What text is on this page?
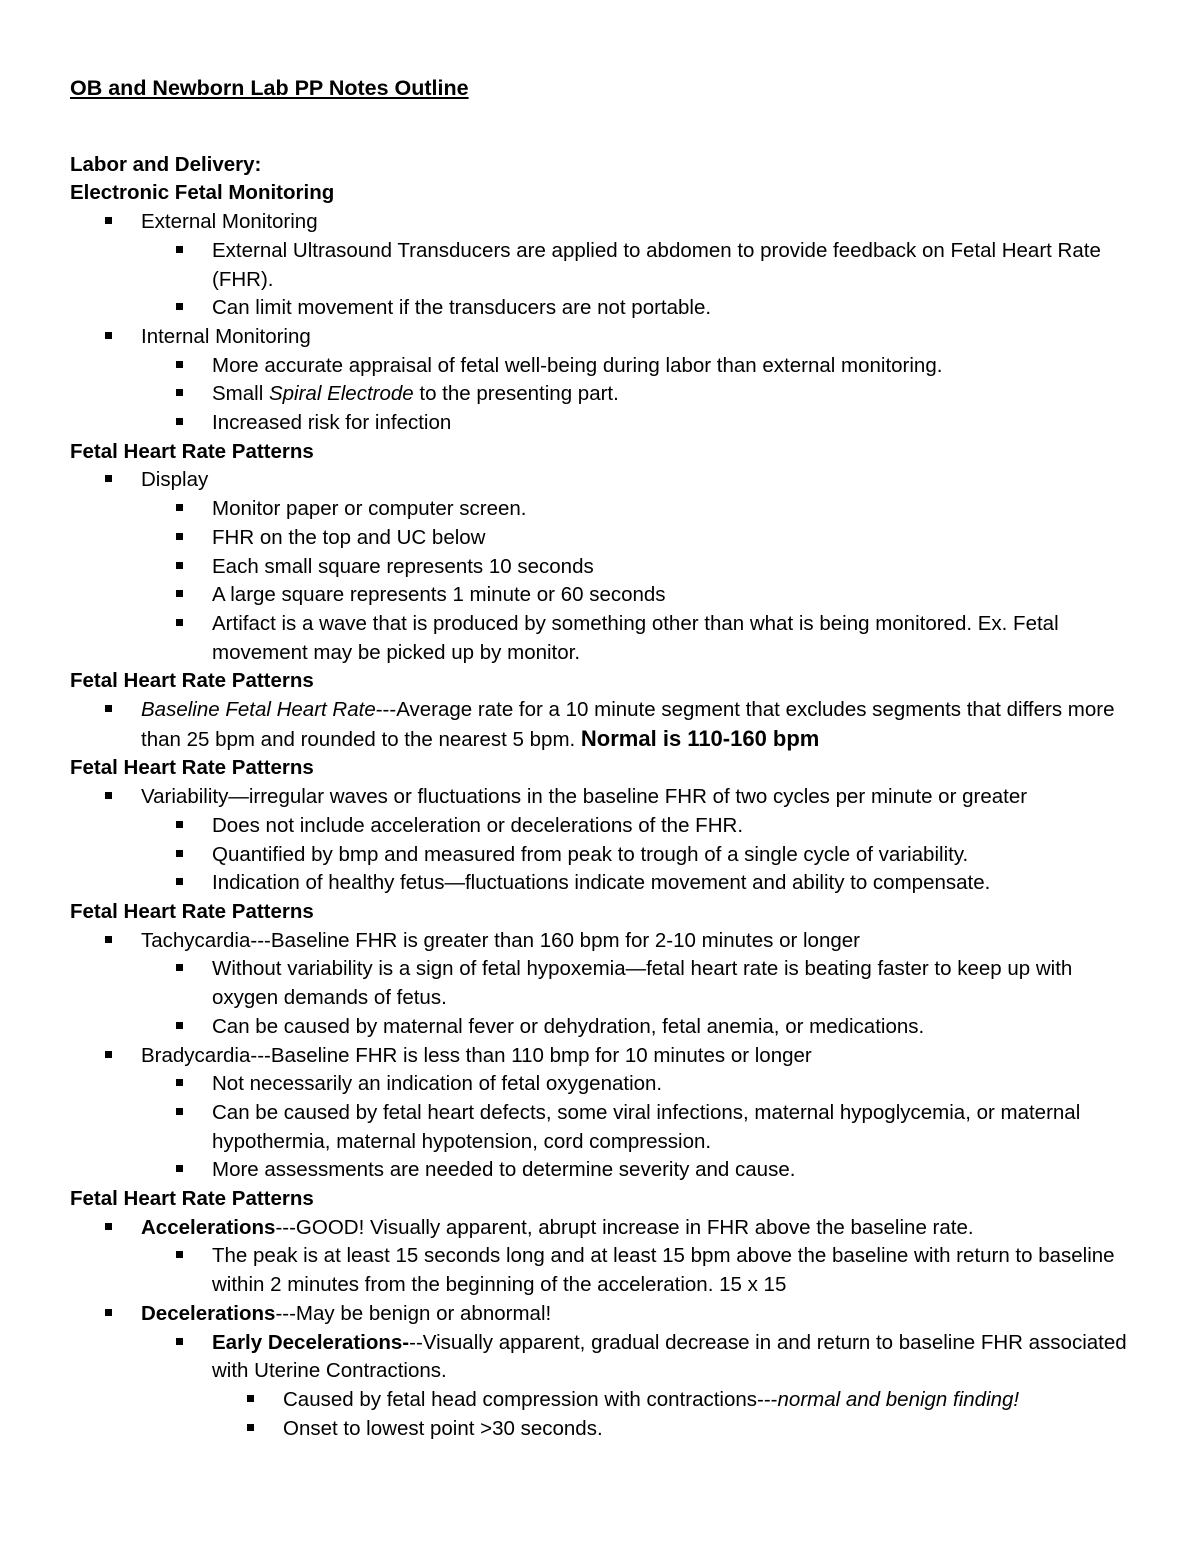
OB and Newborn Lab PP Notes Outline
Labor and Delivery:
Electronic Fetal Monitoring
External Monitoring
External Ultrasound Transducers are applied to abdomen to provide feedback on Fetal Heart Rate (FHR).
Can limit movement if the transducers are not portable.
Internal Monitoring
More accurate appraisal of fetal well-being during labor than external monitoring.
Small Spiral Electrode to the presenting part.
Increased risk for infection
Fetal Heart Rate Patterns
Display
Monitor paper or computer screen.
FHR on the top and UC below
Each small square represents 10 seconds
A large square represents 1 minute or 60 seconds
Artifact is a wave that is produced by something other than what is being monitored. Ex. Fetal movement may be picked up by monitor.
Fetal Heart Rate Patterns
Baseline Fetal Heart Rate---Average rate for a 10 minute segment that excludes segments that differs more than 25 bpm and rounded to the nearest 5 bpm. Normal is 110-160 bpm
Fetal Heart Rate Patterns
Variability—irregular waves or fluctuations in the baseline FHR of two cycles per minute or greater
Does not include acceleration or decelerations of the FHR.
Quantified by bmp and measured from peak to trough of a single cycle of variability.
Indication of healthy fetus—fluctuations indicate movement and ability to compensate.
Fetal Heart Rate Patterns
Tachycardia---Baseline FHR is greater than 160 bpm for 2-10 minutes or longer
Without variability is a sign of fetal hypoxemia—fetal heart rate is beating faster to keep up with oxygen demands of fetus.
Can be caused by maternal fever or dehydration, fetal anemia, or medications.
Bradycardia---Baseline FHR is less than 110 bmp for 10 minutes or longer
Not necessarily an indication of fetal oxygenation.
Can be caused by fetal heart defects, some viral infections, maternal hypoglycemia, or maternal hypothermia, maternal hypotension, cord compression.
More assessments are needed to determine severity and cause.
Fetal Heart Rate Patterns
Accelerations---GOOD! Visually apparent, abrupt increase in FHR above the baseline rate.
The peak is at least 15 seconds long and at least 15 bpm above the baseline with return to baseline within 2 minutes from the beginning of the acceleration. 15 x 15
Decelerations---May be benign or abnormal!
Early Decelerations---Visually apparent, gradual decrease in and return to baseline FHR associated with Uterine Contractions.
Caused by fetal head compression with contractions---normal and benign finding!
Onset to lowest point >30 seconds.
